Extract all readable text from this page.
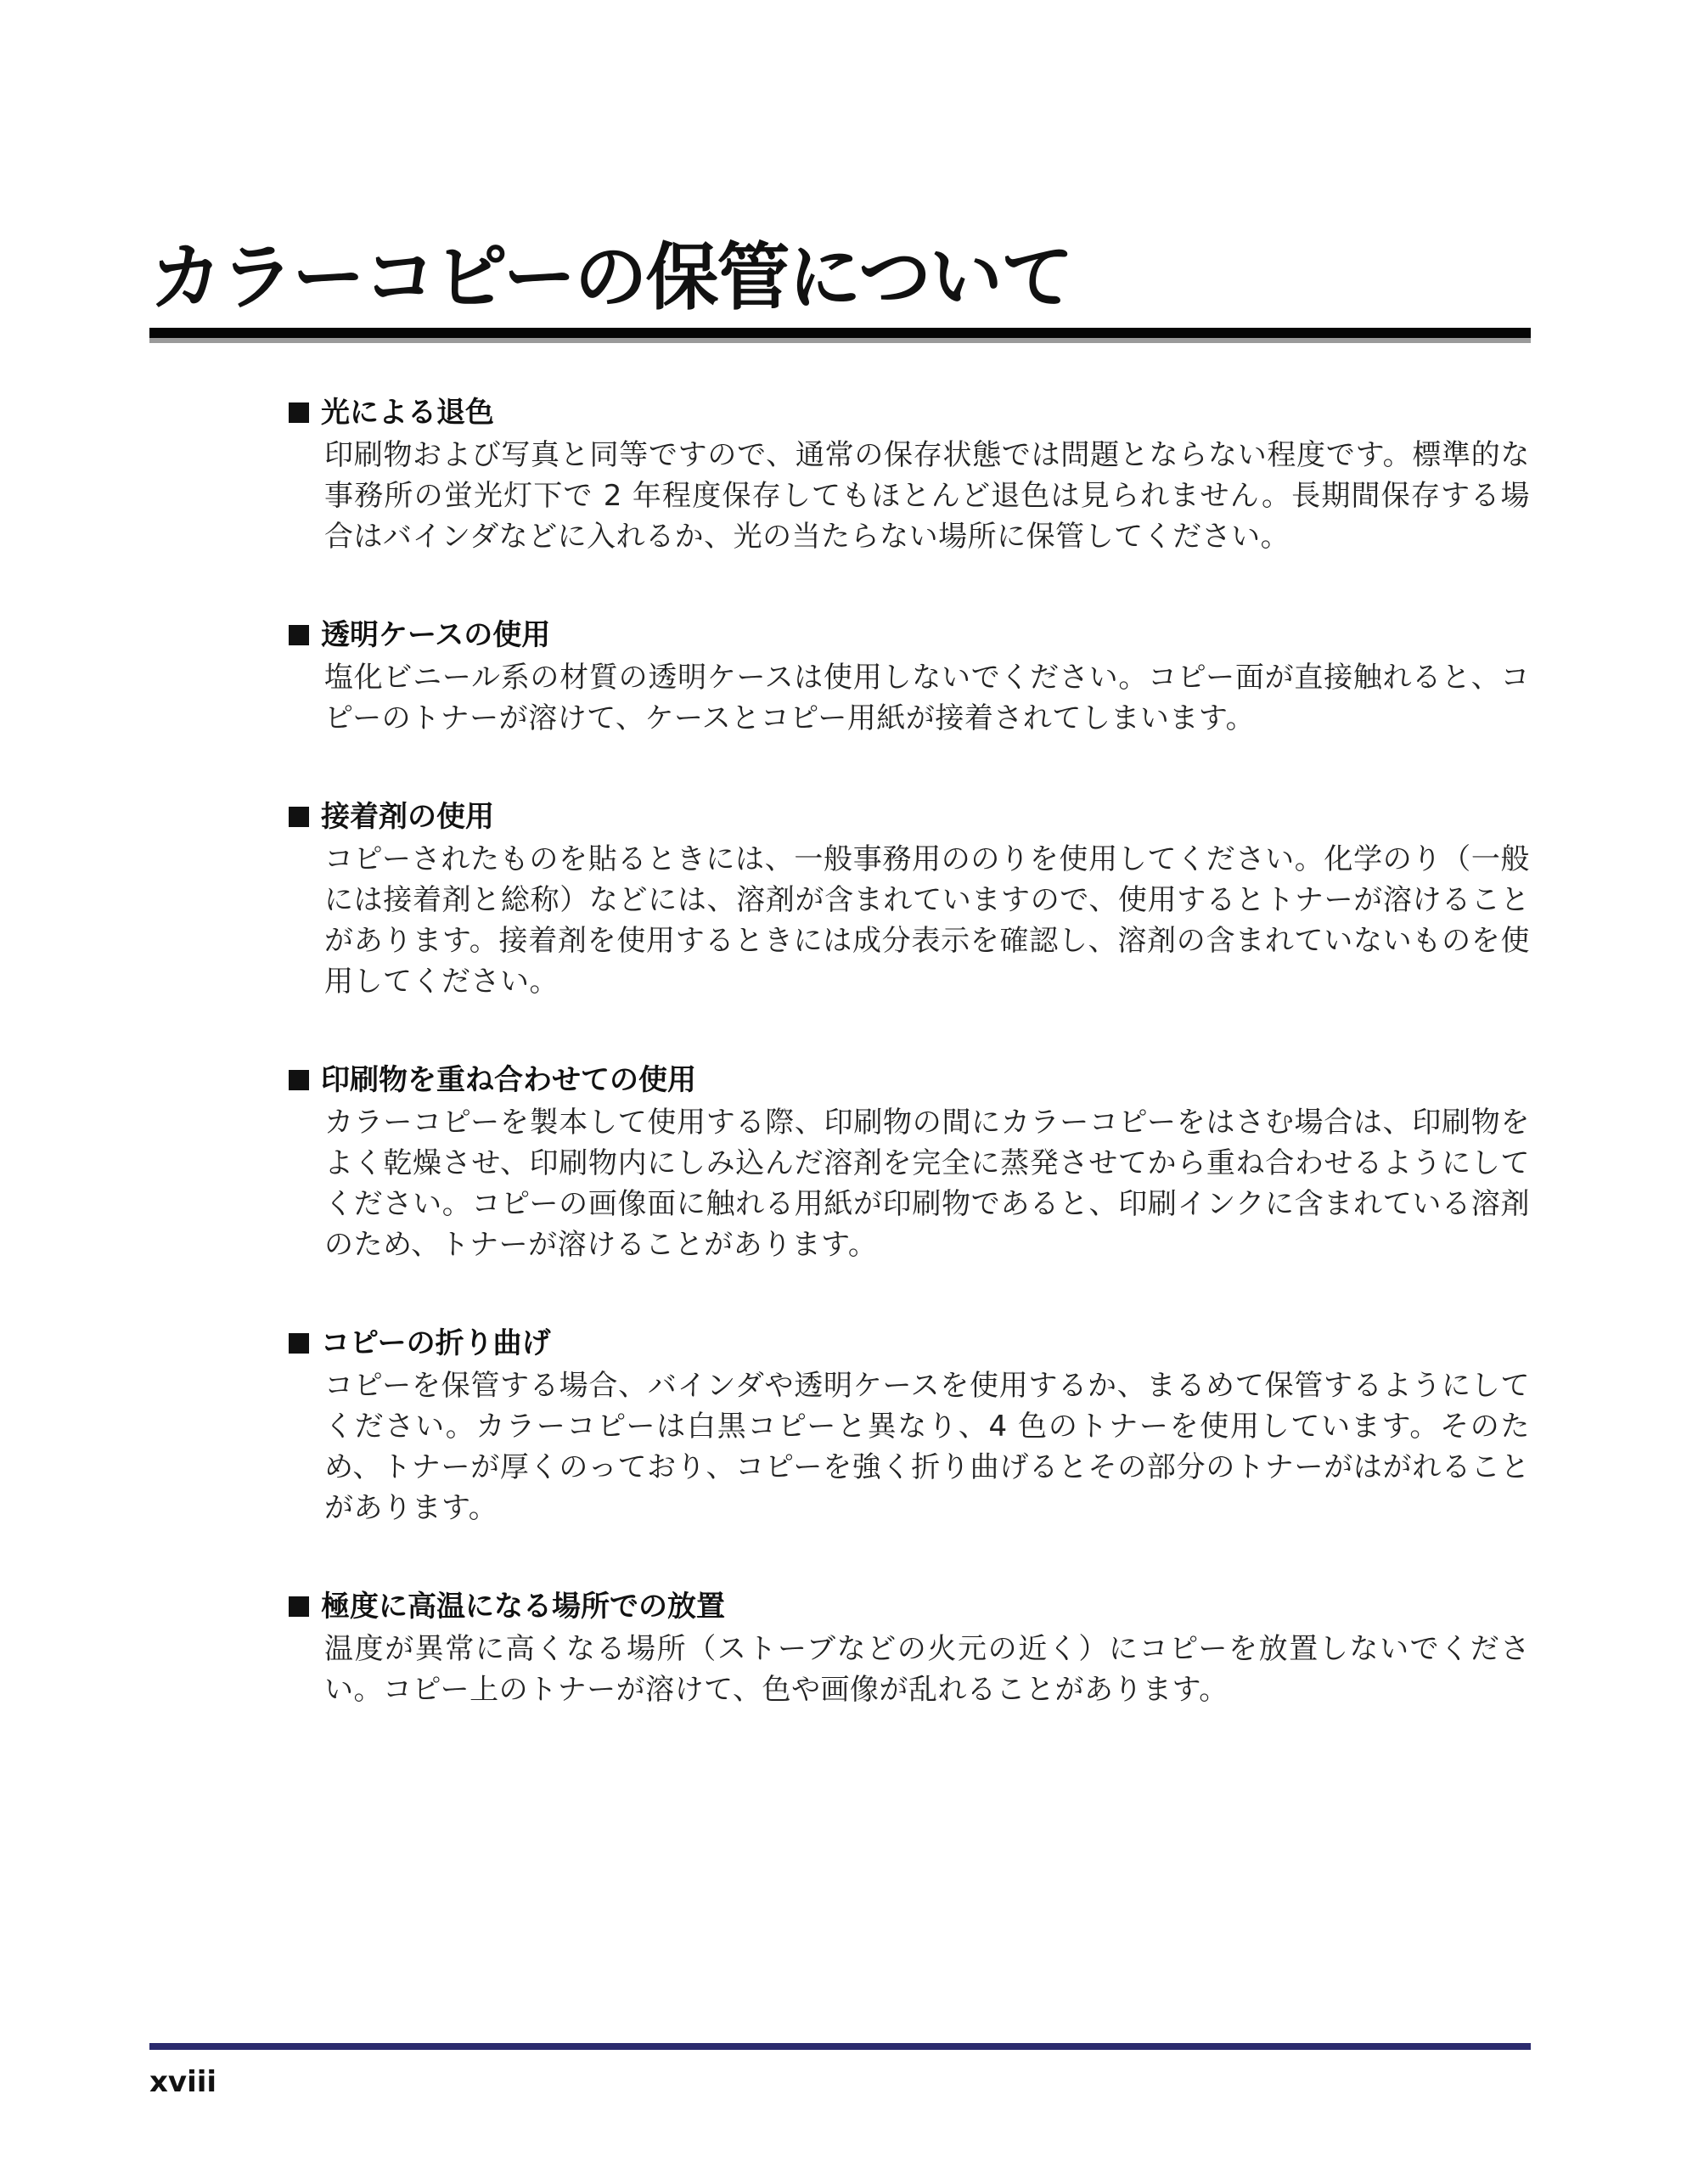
カラーコピーの保管について
光による退色
印刷物および写真と同等ですので、通常の保存状態では問題とならない程度です。標準的な事務所の蛍光灯下で 2 年程度保存してもほとんど退色は見られません。長期間保存する場合はバインダなどに入れるか、光の当たらない場所に保管してください。
透明ケースの使用
塩化ビニール系の材質の透明ケースは使用しないでください。コピー面が直接触れると、コピーのトナーが溶けて、ケースとコピー用紙が接着されてしまいます。
接着剤の使用
コピーされたものを貼るときには、一般事務用ののりを使用してください。化学のり（一般には接着剤と総称）などには、溶剤が含まれていますので、使用するとトナーが溶けることがあります。接着剤を使用するときには成分表示を確認し、溶剤の含まれていないものを使用してください。
印刷物を重ね合わせての使用
カラーコピーを製本して使用する際、印刷物の間にカラーコピーをはさむ場合は、印刷物をよく乾燥させ、印刷物内にしみ込んだ溶剤を完全に蒸発させてから重ね合わせるようにしてください。コピーの画像面に触れる用紙が印刷物であると、印刷インクに含まれている溶剤のため、トナーが溶けることがあります。
コピーの折り曲げ
コピーを保管する場合、バインダや透明ケースを使用するか、まるめて保管するようにしてください。カラーコピーは白黒コピーと異なり、4 色のトナーを使用しています。そのため、トナーが厚くのっており、コピーを強く折り曲げるとその部分のトナーがはがれることがあります。
極度に高温になる場所での放置
温度が異常に高くなる場所（ストーブなどの火元の近く）にコピーを放置しないでください。コピー上のトナーが溶けて、色や画像が乱れることがあります。
xviii
